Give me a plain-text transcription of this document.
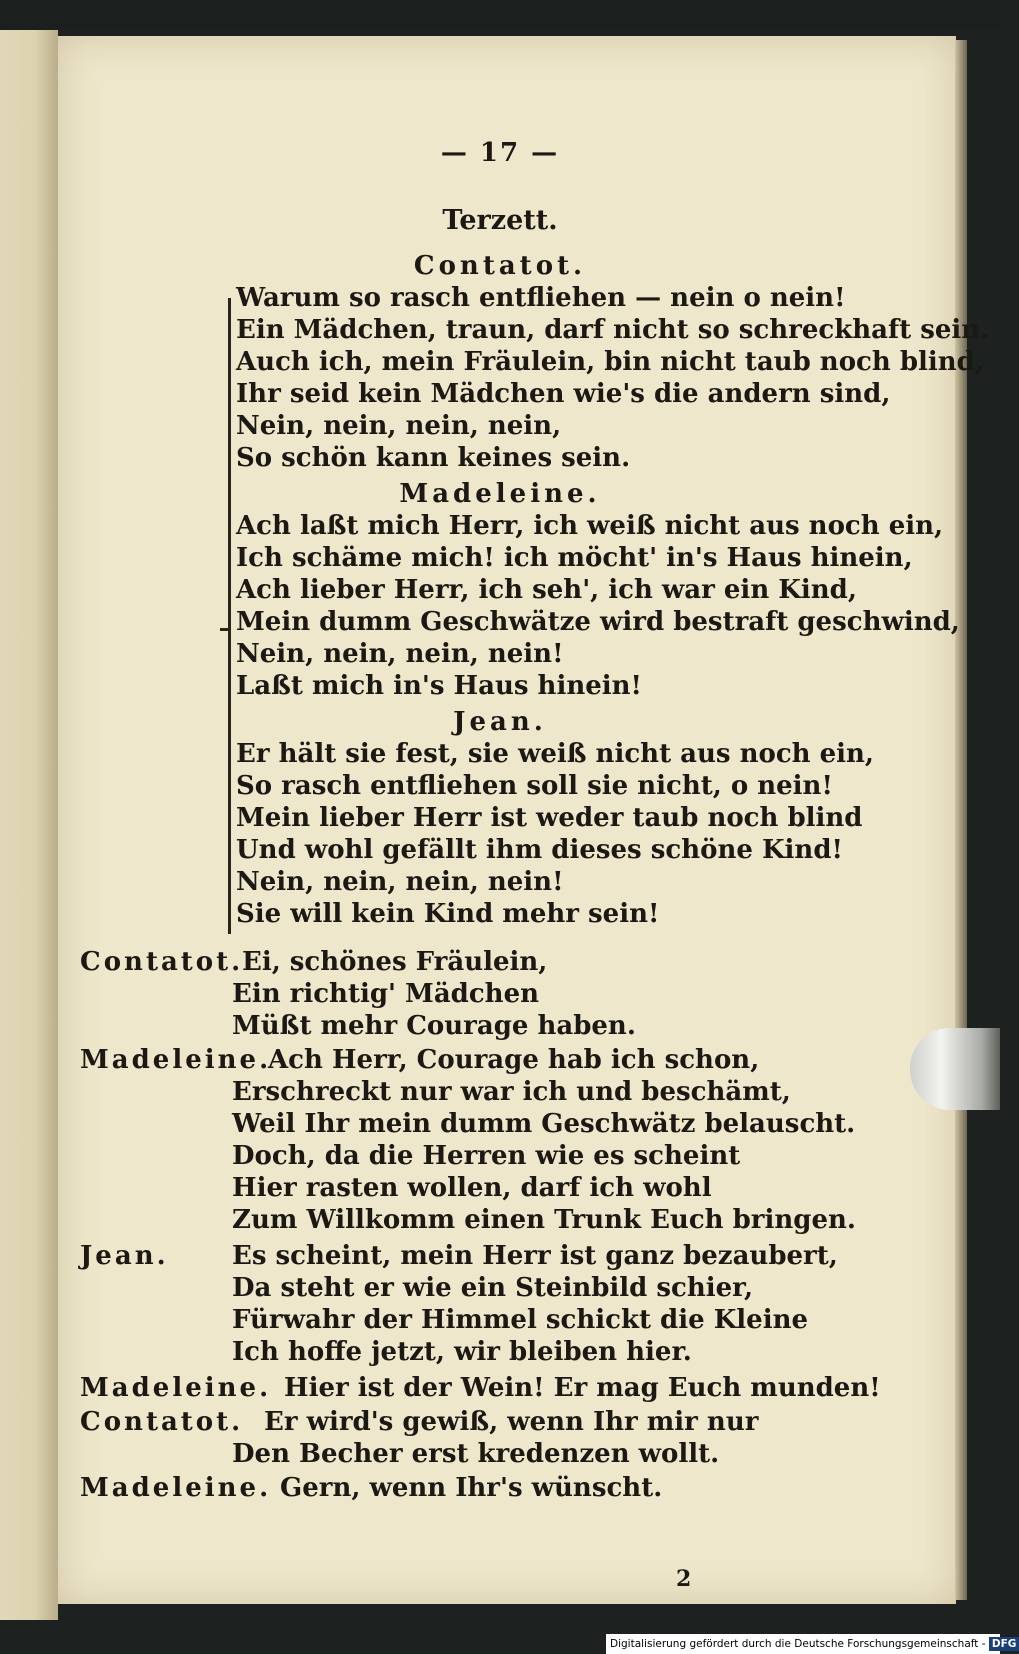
— 17 —
Terzett.
Contatot.
Warum so rasch entfliehen — nein o nein!
Ein Mädchen, traun, darf nicht so schreckhaft sein.
Auch ich, mein Fräulein, bin nicht taub noch blind,
Ihr seid kein Mädchen wie's die andern sind,
Nein, nein, nein, nein,
So schön kann keines sein.
Madeleine.
Ach laßt mich Herr, ich weiß nicht aus noch ein,
Ich schäme mich! ich möcht' in's Haus hinein,
Ach lieber Herr, ich seh', ich war ein Kind,
Mein dumm Geschwätze wird bestraft geschwind,
Nein, nein, nein, nein!
Laßt mich in's Haus hinein!
Jean.
Er hält sie fest, sie weiß nicht aus noch ein,
So rasch entfliehen soll sie nicht, o nein!
Mein lieber Herr ist weder taub noch blind
Und wohl gefällt ihm dieses schöne Kind!
Nein, nein, nein, nein!
Sie will kein Kind mehr sein!
Contatot.
Ei, schönes Fräulein,
Ein richtig' Mädchen
Müßt mehr Courage haben.
Madeleine.
Ach Herr, Courage hab ich schon,
Erschreckt nur war ich und beschämt,
Weil Ihr mein dumm Geschwätz belauscht.
Doch, da die Herren wie es scheint
Hier rasten wollen, darf ich wohl
Zum Willkomm einen Trunk Euch bringen.
Jean. Es scheint, mein Herr ist ganz bezaubert,
Da steht er wie ein Steinbild schier,
Fürwahr der Himmel schickt die Kleine
Ich hoffe jetzt, wir bleiben hier.
Madeleine. Hier ist der Wein! Er mag Euch munden!
Contatot. Er wird's gewiß, wenn Ihr mir nur
Den Becher erst kredenzen wollt.
Madeleine. Gern, wenn Ihr's wünscht.
2
Digitalisierung gefördert durch die Deutsche Forschungsgemeinschaft - DFG
